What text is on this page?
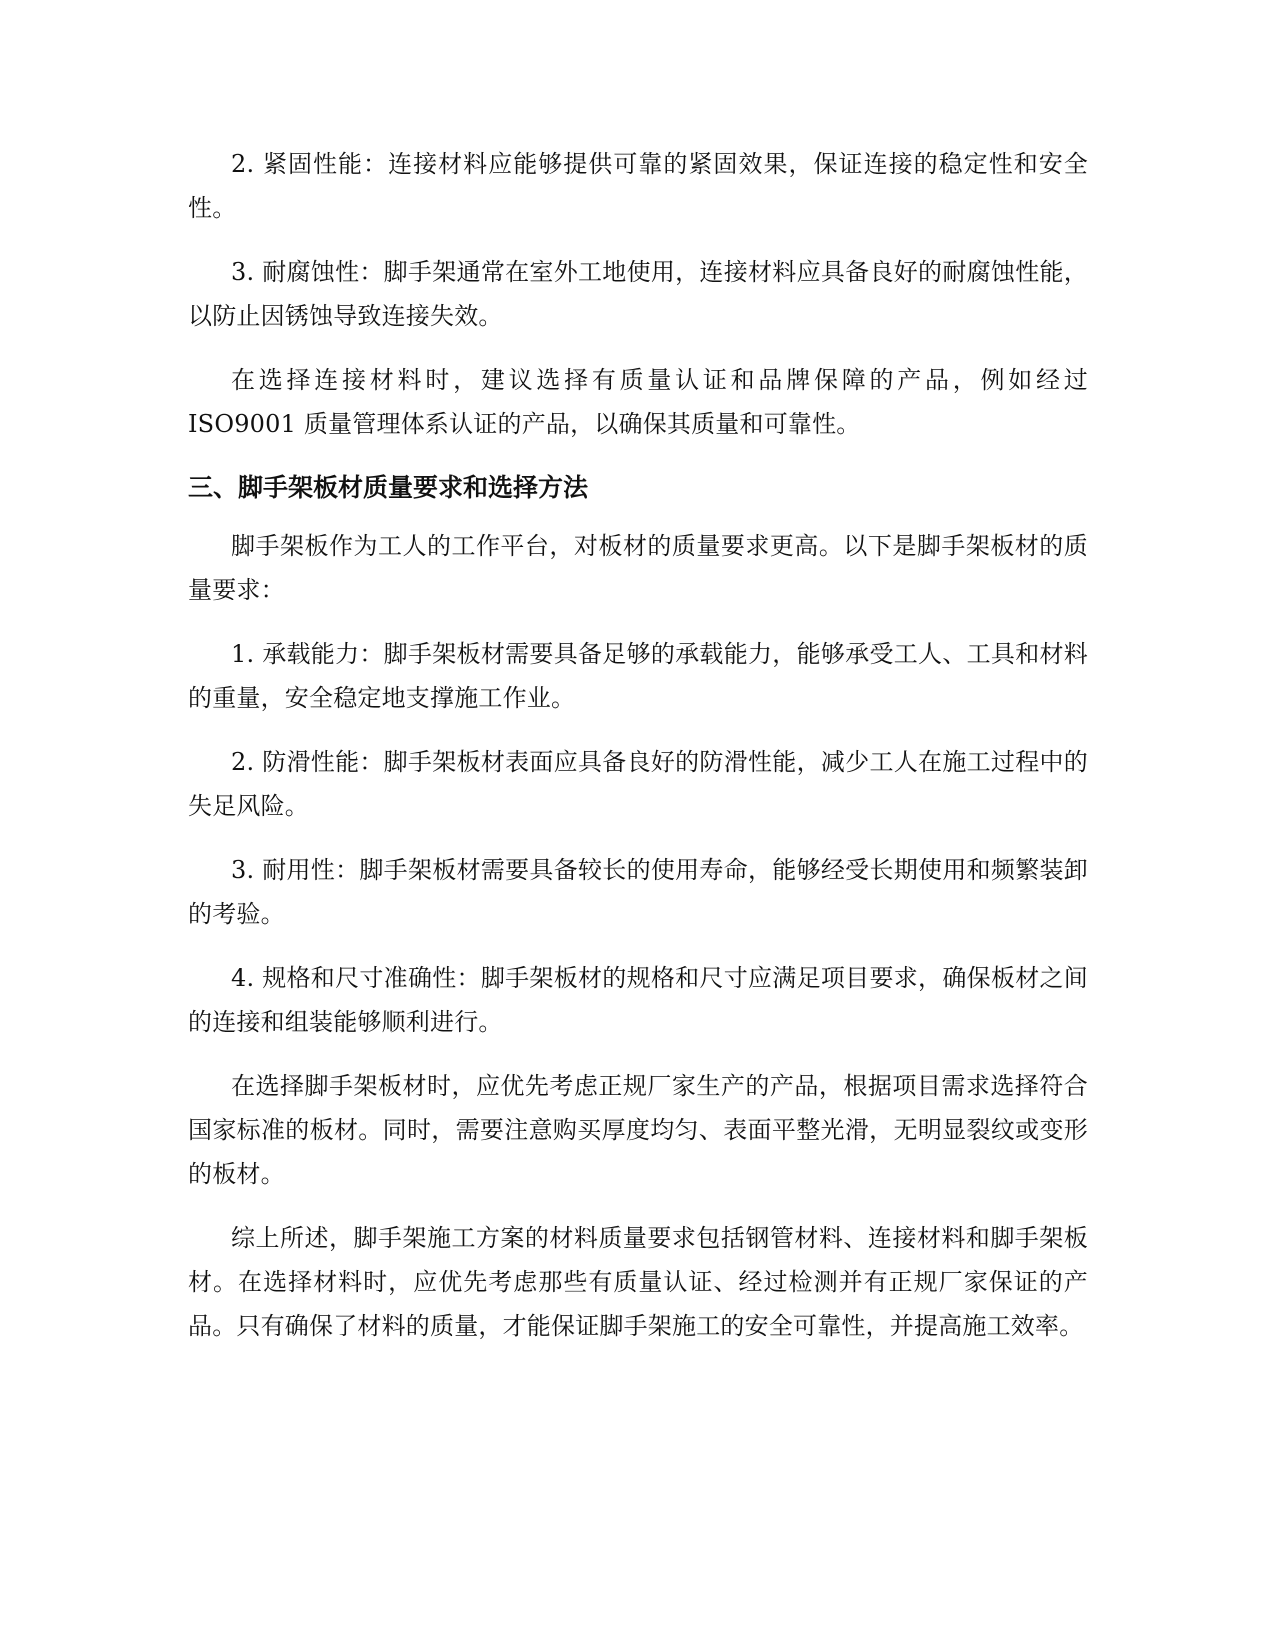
2. 紧固性能：连接材料应能够提供可靠的紧固效果，保证连接的稳定性和安全性。

3. 耐腐蚀性：脚手架通常在室外工地使用，连接材料应具备良好的耐腐蚀性能，以防止因锈蚀导致连接失效。

在选择连接材料时，建议选择有质量认证和品牌保障的产品，例如经过ISO9001 质量管理体系认证的产品，以确保其质量和可靠性。

三、脚手架板材质量要求和选择方法

脚手架板作为工人的工作平台，对板材的质量要求更高。以下是脚手架板材的质量要求：

1. 承载能力：脚手架板材需要具备足够的承载能力，能够承受工人、工具和材料的重量，安全稳定地支撑施工作业。

2. 防滑性能：脚手架板材表面应具备良好的防滑性能，减少工人在施工过程中的失足风险。

3. 耐用性：脚手架板材需要具备较长的使用寿命，能够经受长期使用和频繁装卸的考验。

4. 规格和尺寸准确性：脚手架板材的规格和尺寸应满足项目要求，确保板材之间的连接和组装能够顺利进行。

在选择脚手架板材时，应优先考虑正规厂家生产的产品，根据项目需求选择符合国家标准的板材。同时，需要注意购买厚度均匀、表面平整光滑，无明显裂纹或变形的板材。

综上所述，脚手架施工方案的材料质量要求包括钢管材料、连接材料和脚手架板材。在选择材料时，应优先考虑那些有质量认证、经过检测并有正规厂家保证的产品。只有确保了材料的质量，才能保证脚手架施工的安全可靠性，并提高施工效率。
